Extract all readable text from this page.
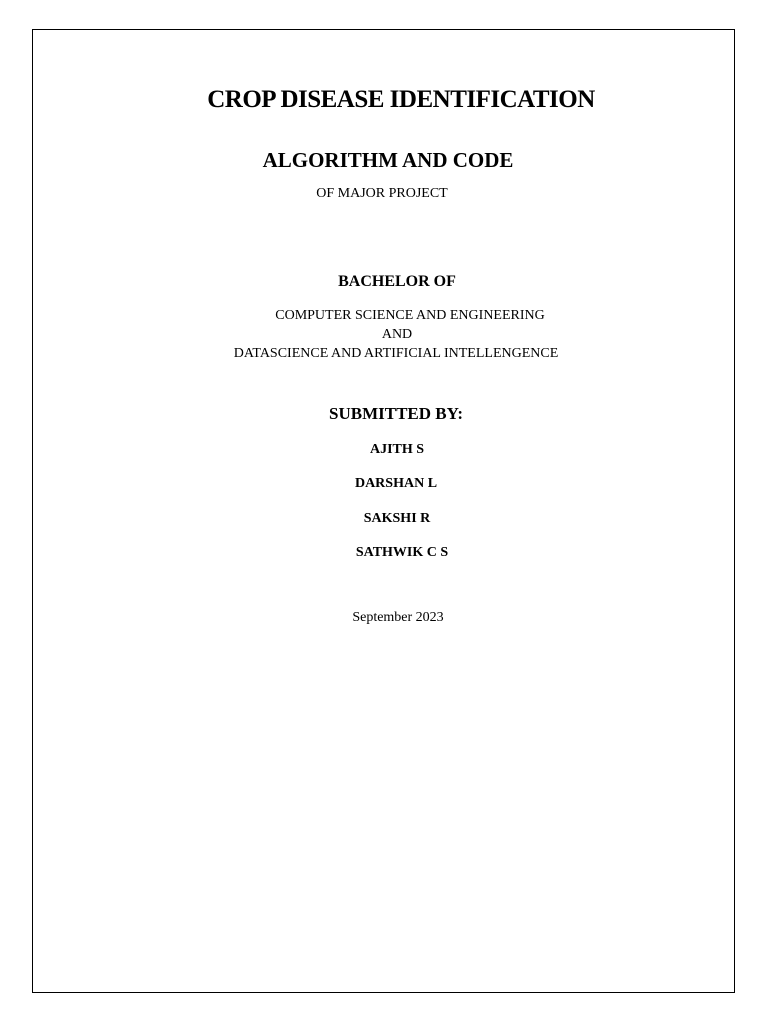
CROP DISEASE IDENTIFICATION
ALGORITHM AND CODE
OF MAJOR PROJECT
BACHELOR OF
COMPUTER SCIENCE AND ENGINEERING
AND
DATASCIENCE AND ARTIFICIAL INTELLENGENCE
SUBMITTED BY:
AJITH S
DARSHAN L
SAKSHI R
SATHWIK C S
September 2023
